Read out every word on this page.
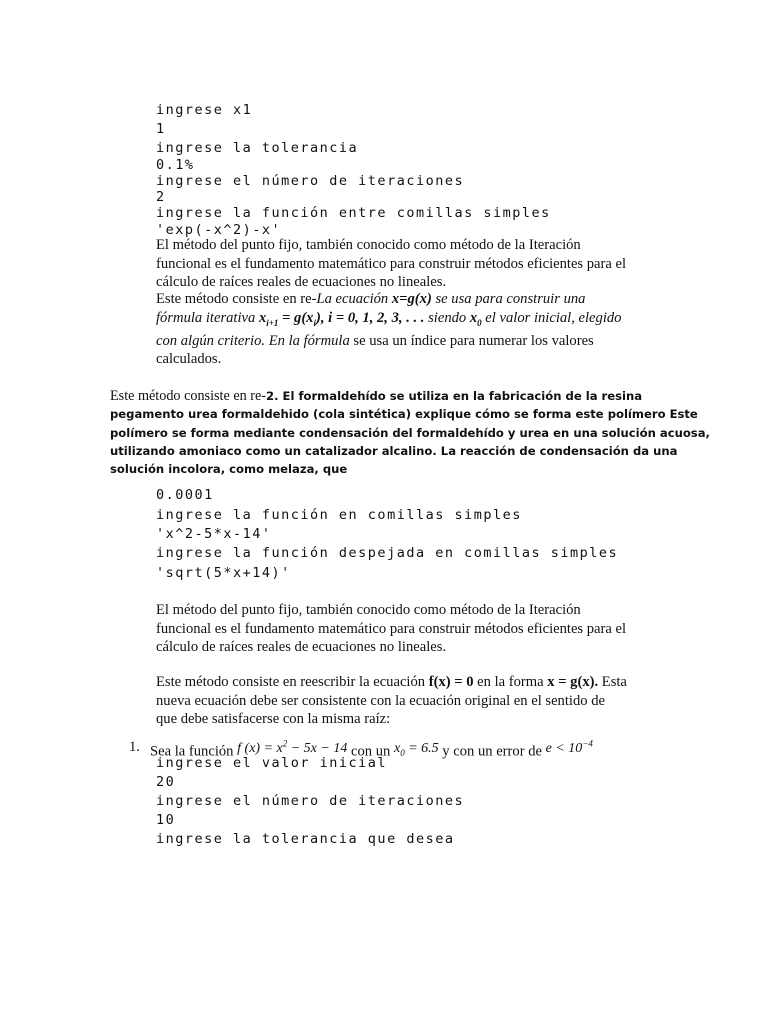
ingrese x1
1
ingrese la tolerancia
0.1%
ingrese el número de iteraciones
2
ingrese la función entre comillas simples
'exp(-x^2)-x'
El método del punto fijo, también conocido como método de la Iteración
funcional es el fundamento matemático para construir métodos eficientes para el
cálculo de raíces reales de ecuaciones no lineales.
Este método consiste en re-La ecuación x=g(x) se usa para construir una
fórmula iterativa $x_{i+1} = g(x_i)$, i = 0, 1, 2, 3, . . . siendo $x_0$ el valor inicial, elegido
con algún criterio. En la fórmula se usa un índice para numerar los valores
calculados.
Este método consiste en re-2. El formaldehído se utiliza en la fabricación de la resina
pegamento urea formaldehido (cola sintética) explique cómo se forma este polímero Este
polímero se forma mediante condensación del formaldehído y urea en una solución acuosa,
utilizando amoniaco como un catalizador alcalino. La reacción de condensación da una
solución incolora, como melaza, que
0.0001
ingrese la función en comillas simples
'x^2-5*x-14'
ingrese la función despejada en comillas simples
'sqrt(5*x+14)'
El método del punto fijo, también conocido como método de la Iteración
funcional es el fundamento matemático para construir métodos eficientes para el
cálculo de raíces reales de ecuaciones no lineales.
Este método consiste en reescribir la ecuación f(x) = 0 en la forma x = g(x). Esta
nueva ecuación debe ser consistente con la ecuación original en el sentido de
que debe satisfacerse con la misma raíz:
1. Sea la función f $(x) = x^2 - 5x - 14$ con un $x_0 = 6.5$ y con un error de $e < 10^{-4}$
ingrese el valor inicial
20
ingrese el número de iteraciones
10
ingrese la tolerancia que desea
